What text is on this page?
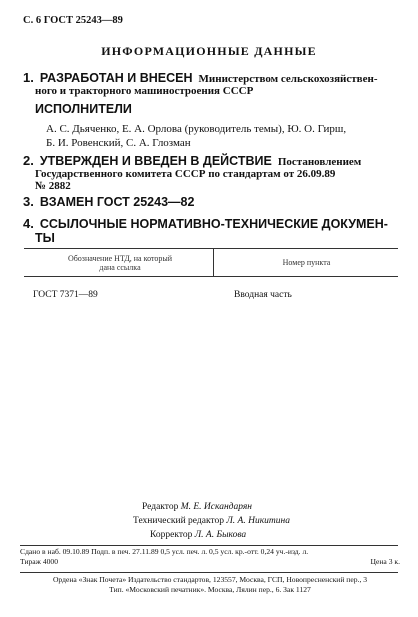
С. 6 ГОСТ 25243—89
ИНФОРМАЦИОННЫЕ ДАННЫЕ
1. РАЗРАБОТАН И ВНЕСЕН Министерством сельскохозяйствен-
ного и тракторного машиностроения СССР
ИСПОЛНИТЕЛИ
А. С. Дьяченко, Е. А. Орлова (руководитель темы), Ю. О. Гирш,
Б. И. Ровенский, С. А. Глозман
2. УТВЕРЖДЕН И ВВЕДЕН В ДЕЙСТВИЕ Постановлением
Государственного комитета СССР по стандартам от 26.09.89
№ 2882
3. ВЗАМЕН ГОСТ 25243—82
4. ССЫЛОЧНЫЕ НОРМАТИВНО-ТЕХНИЧЕСКИЕ ДОКУМЕН-
ТЫ
Обозначение НТД, на который
дана ссылка
Номер пункта
ГОСТ 7371—89	Вводная часть
Редактор М. Е. Искандарян
Технический редактор Л. А. Никитина
Корректор Л. А. Быкова
Сдано в наб. 09.10.89 Подп. в печ. 27.11.89 0,5 усл. печ. л. 0,5 усл. кр.-отт. 0,24 уч.-изд. л.
Тираж 4000	Цена 3 к.
Ордена «Знак Почета» Издательство стандартов, 123557, Москва, ГСП, Новопресненский пер., 3
Тип. «Московский печатник». Москва, Лялин пер., 6. Зак 1127
